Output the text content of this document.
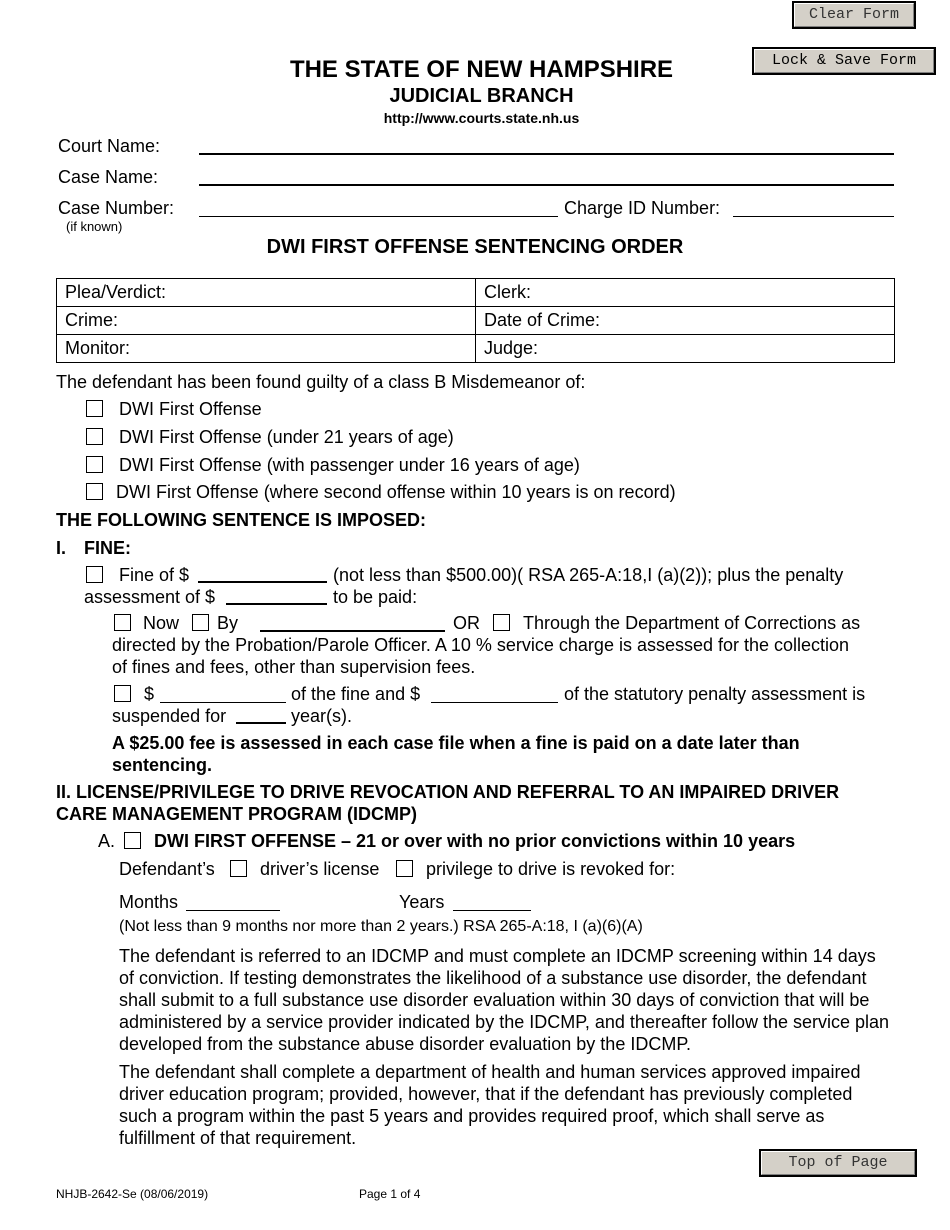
Clear Form
Lock & Save Form
THE STATE OF NEW HAMPSHIRE
JUDICIAL BRANCH
http://www.courts.state.nh.us
Court Name:
Case Name:
Case Number:
(if known)
Charge ID Number:
DWI FIRST OFFENSE SENTENCING ORDER
Plea/Verdict:	Clerk:
Crime:	Date of Crime:
Monitor:	Judge:
The defendant has been found guilty of a class B Misdemeanor of:
DWI First Offense
DWI First Offense (under 21 years of age)
DWI First Offense (with passenger under 16 years of age)
DWI First Offense (where second offense within 10 years is on record)
THE FOLLOWING SENTENCE IS IMPOSED:
I. FINE:
Fine of $	(not less than $500.00)( RSA 265-A:18,I (a)(2)); plus the penalty
assessment of $	to be paid:
Now By	OR Through the Department of Corrections as
directed by the Probation/Parole Officer. A 10 % service charge is assessed for the collection
of fines and fees, other than supervision fees.
$	of the fine and $	of the statutory penalty assessment is
suspended for	year(s).
A $25.00 fee is assessed in each case file when a fine is paid on a date later than
sentencing.
II. LICENSE/PRIVILEGE TO DRIVE REVOCATION AND REFERRAL TO AN IMPAIRED DRIVER
CARE MANAGEMENT PROGRAM (IDCMP)
A. DWI FIRST OFFENSE – 21 or over with no prior convictions within 10 years
Defendant’s	driver’s license	privilege to drive is revoked for:
Months	Years
(Not less than 9 months nor more than 2 years.) RSA 265-A:18, I (a)(6)(A)
The defendant is referred to an IDCMP and must complete an IDCMP screening within 14 days of conviction. If testing demonstrates the likelihood of a substance use disorder, the defendant shall submit to a full substance use disorder evaluation within 30 days of conviction that will be administered by a service provider indicated by the IDCMP, and thereafter follow the service plan developed from the substance abuse disorder evaluation by the IDCMP.
The defendant shall complete a department of health and human services approved impaired driver education program; provided, however, that if the defendant has previously completed such a program within the past 5 years and provides required proof, which shall serve as fulfillment of that requirement.
Top of Page
NHJB-2642-Se (08/06/2019)	Page 1 of 4
